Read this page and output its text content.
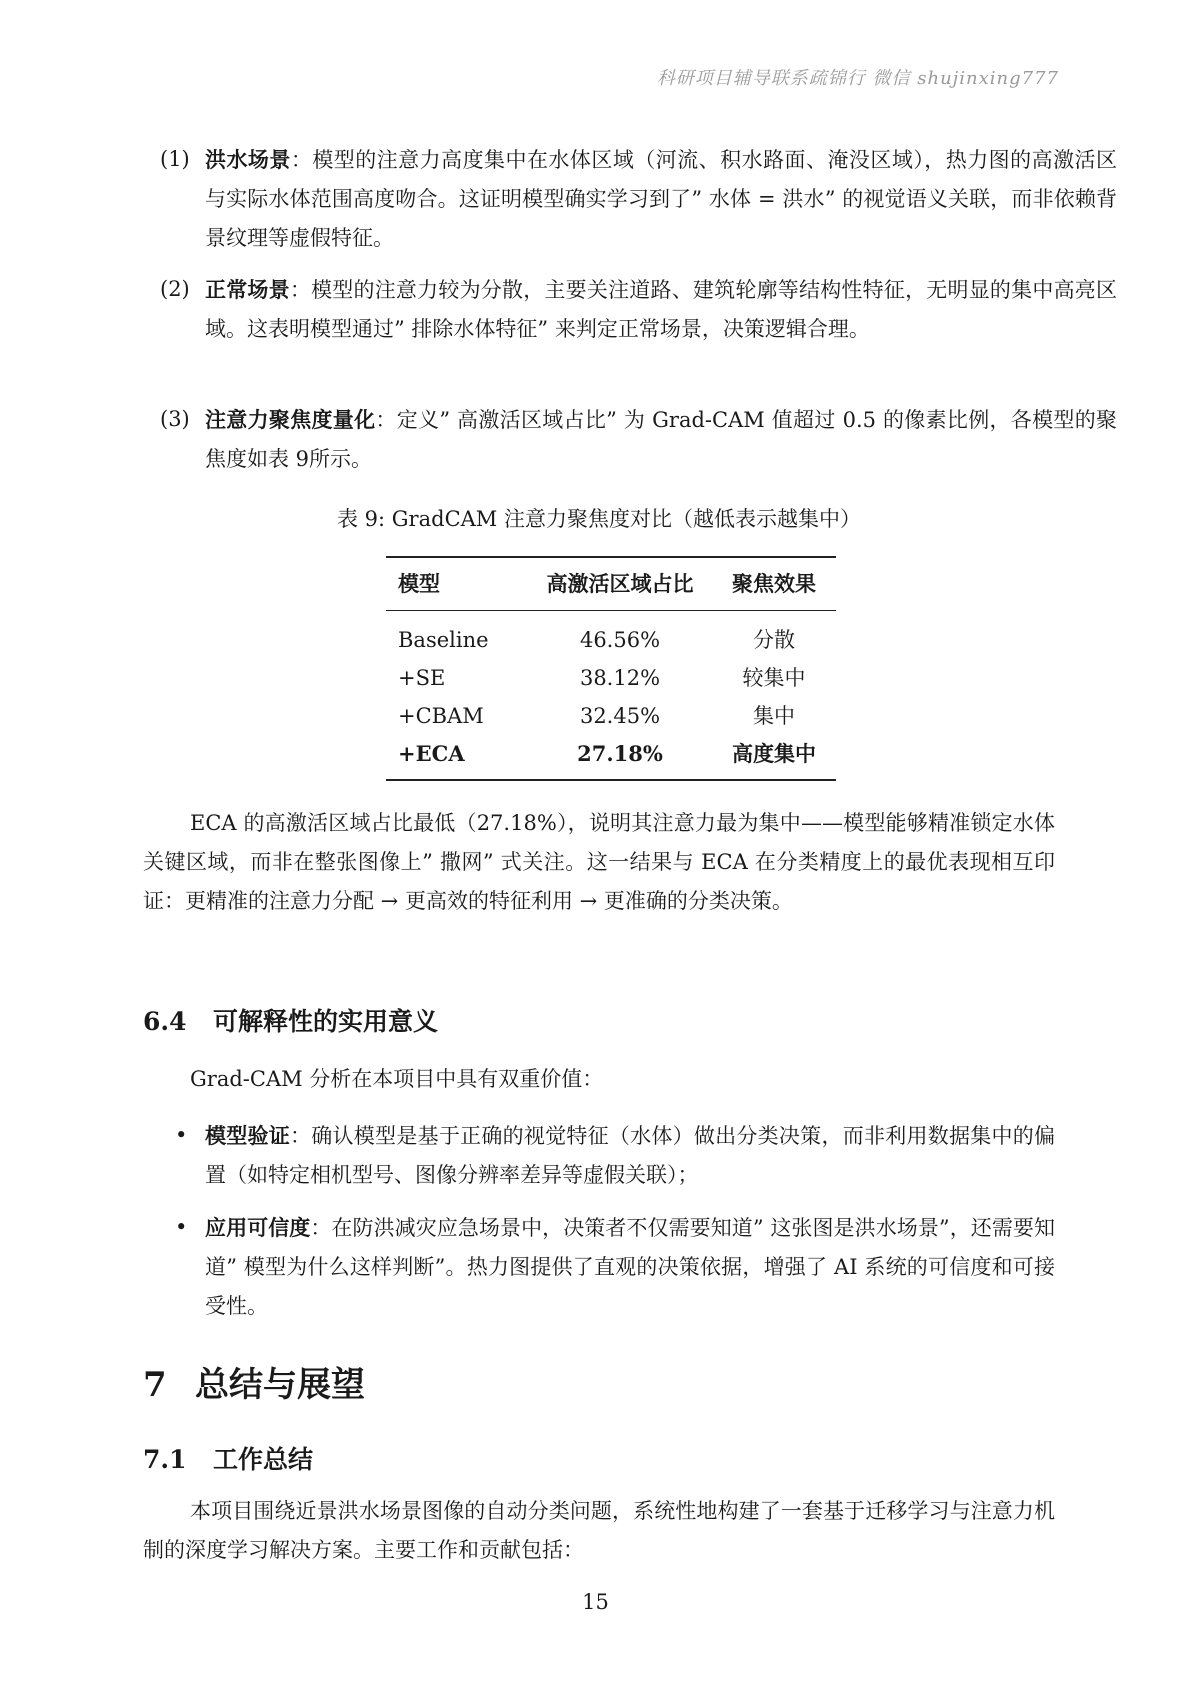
科研项目辅导联系疏锦行 微信 shujinxing777
(1) 洪水场景：模型的注意力高度集中在水体区域（河流、积水路面、淹没区域），热力图的高激活区与实际水体范围高度吻合。这证明模型确实学习到了” 水体 = 洪水” 的视觉语义关联，而非依赖背景纹理等虚假特征。
(2) 正常场景：模型的注意力较为分散，主要关注道路、建筑轮廓等结构性特征，无明显的集中高亮区域。这表明模型通过” 排除水体特征” 来判定正常场景，决策逻辑合理。
(3) 注意力聚焦度量化：定义” 高激活区域占比” 为 Grad-CAM 值超过 0.5 的像素比例，各模型的聚焦度如表 9所示。
表 9: GradCAM 注意力聚焦度对比（越低表示越集中）
模型	高激活区域占比	聚焦效果
Baseline	46.56%	分散
+SE	38.12%	较集中
+CBAM	32.45%	集中
+ECA	27.18%	高度集中
ECA 的高激活区域占比最低（27.18%），说明其注意力最为集中——模型能够精准锁定水体关键区域，而非在整张图像上” 撒网” 式关注。这一结果与 ECA 在分类精度上的最优表现相互印证：更精准的注意力分配 → 更高效的特征利用 → 更准确的分类决策。
6.4 可解释性的实用意义
Grad-CAM 分析在本项目中具有双重价值：
• 模型验证：确认模型是基于正确的视觉特征（水体）做出分类决策，而非利用数据集中的偏置（如特定相机型号、图像分辨率差异等虚假关联）；
• 应用可信度：在防洪减灾应急场景中，决策者不仅需要知道” 这张图是洪水场景”，还需要知道” 模型为什么这样判断”。热力图提供了直观的决策依据，增强了 AI 系统的可信度和可接受性。
7 总结与展望
7.1 工作总结
本项目围绕近景洪水场景图像的自动分类问题，系统性地构建了一套基于迁移学习与注意力机制的深度学习解决方案。主要工作和贡献包括：
15
